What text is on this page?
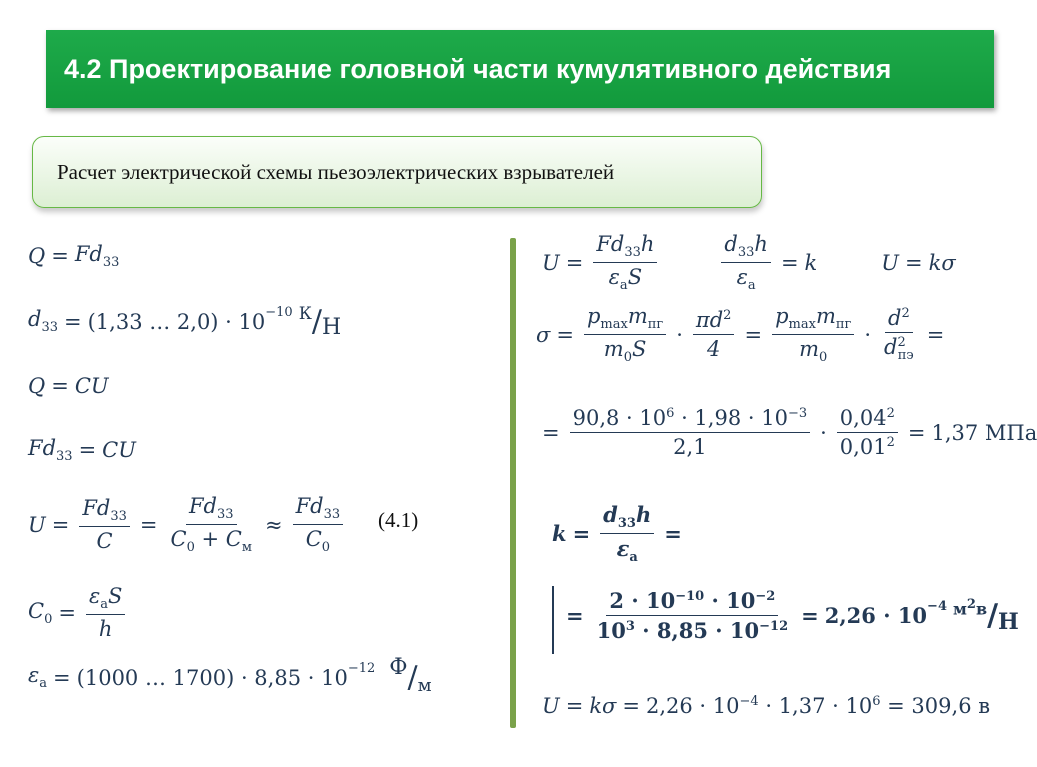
4.2 Проектирование головной части кумулятивного действия
Расчет электрической схемы пьезоэлектрических взрывателей
$Q = Fd_{33}$
$d_{33} = (1,33$ … $2,0) \cdot 10^{-10}$ К / Н
Q = CU
$Fd_{33}$ = CU
$U = \frac{Fd_{33}}{C} = \frac{Fd_{33}}{C_0 + C_м} \approx \frac{Fd_{33}}{C_0} (4.1)$
$C_0 = \frac{\varepsilon_аS}{h}$
$\varepsilon_а = (1000$ … $1700) \cdot 8,85 \cdot 10^{-12}$ Ф / м
$U = \frac{Fd_{33}h}{\varepsilon_аS}$	$\frac{d_{33}h}{\varepsilon_а} = k$	U = kσ
$\sigma = \frac{p_{max}m_{пг}}{m_0S} \cdot \frac{\pi d^2}{4} = \frac{p_{max}m_{пг}}{m_0} \cdot \frac{d^2}{d^2_{пэ}}$ =
= $\frac{90,8 \cdot 10^6 \cdot 1,98 \cdot 10^{-3}}{2,1} \cdot \frac{0,04^2}{0,01^2} = 1,37$ МПа
$k = \frac{d_{33}h}{\varepsilon_а}$ =
= $\frac{2 \cdot 10^{-10} \cdot 10^{-2}}{10^3 \cdot 8,85 \cdot 10^{-12}} = 2,26 \cdot 10^{-4}$ $м^2в$ / Н
$U = k\sigma = 2,26 \cdot 10^{-4} \cdot 1,37 \cdot 10^6 = 309,6$ в
